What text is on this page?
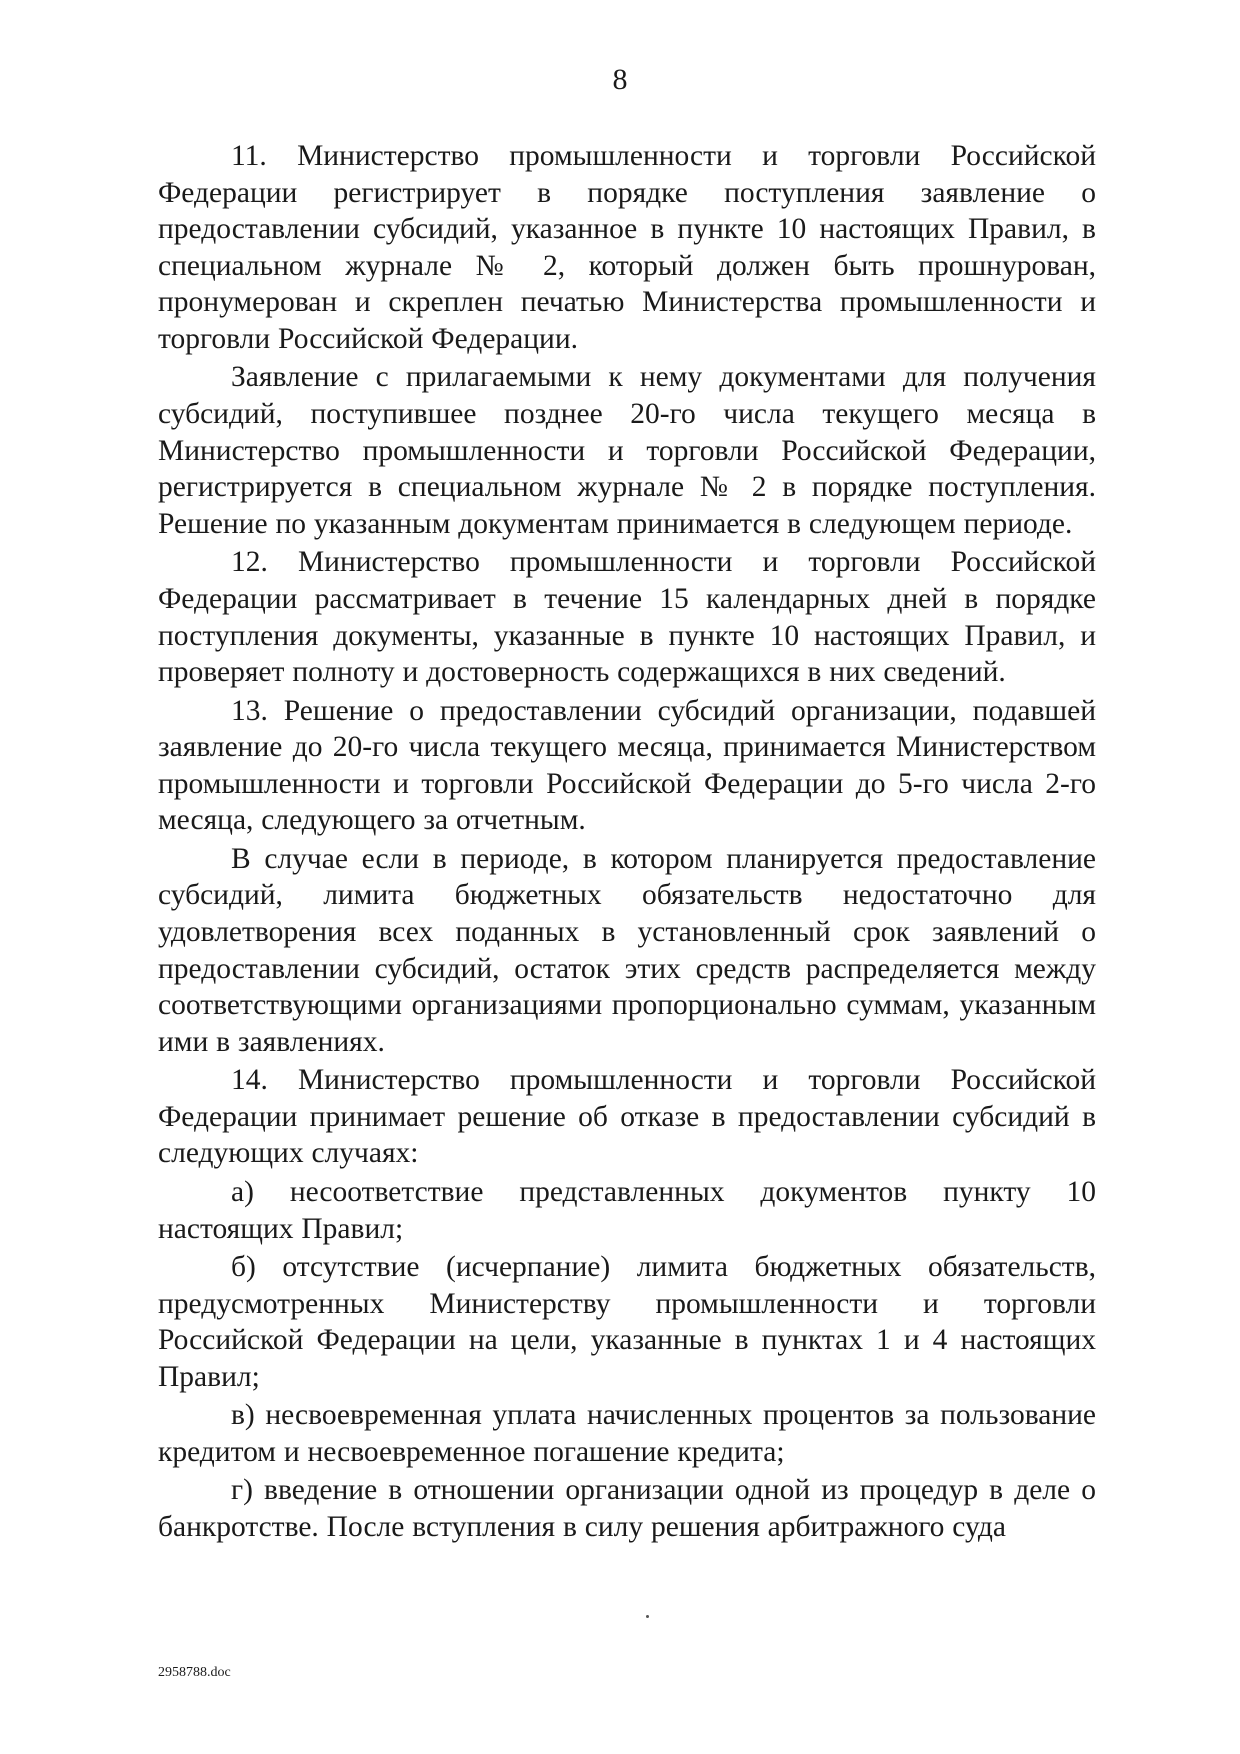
8

11. Министерство промышленности и торговли Российской Федерации регистрирует в порядке поступления заявление о предоставлении субсидий, указанное в пункте 10 настоящих Правил, в специальном журнале № 2, который должен быть прошнурован, пронумерован и скреплен печатью Министерства промышленности и торговли Российской Федерации.

Заявление с прилагаемыми к нему документами для получения субсидий, поступившее позднее 20-го числа текущего месяца в Министерство промышленности и торговли Российской Федерации, регистрируется в специальном журнале № 2 в порядке поступления. Решение по указанным документам принимается в следующем периоде.

12. Министерство промышленности и торговли Российской Федерации рассматривает в течение 15 календарных дней в порядке поступления документы, указанные в пункте 10 настоящих Правил, и проверяет полноту и достоверность содержащихся в них сведений.

13. Решение о предоставлении субсидий организации, подавшей заявление до 20-го числа текущего месяца, принимается Министерством промышленности и торговли Российской Федерации до 5-го числа 2-го месяца, следующего за отчетным.

В случае если в периоде, в котором планируется предоставление субсидий, лимита бюджетных обязательств недостаточно для удовлетворения всех поданных в установленный срок заявлений о предоставлении субсидий, остаток этих средств распределяется между соответствующими организациями пропорционально суммам, указанным ими в заявлениях.

14. Министерство промышленности и торговли Российской Федерации принимает решение об отказе в предоставлении субсидий в следующих случаях:

а) несоответствие представленных документов пункту 10 настоящих Правил;

б) отсутствие (исчерпание) лимита бюджетных обязательств, предусмотренных Министерству промышленности и торговли Российской Федерации на цели, указанные в пунктах 1 и 4 настоящих Правил;

в) несвоевременная уплата начисленных процентов за пользование кредитом и несвоевременное погашение кредита;

г) введение в отношении организации одной из процедур в деле о банкротстве. После вступления в силу решения арбитражного суда

2958788.doc
